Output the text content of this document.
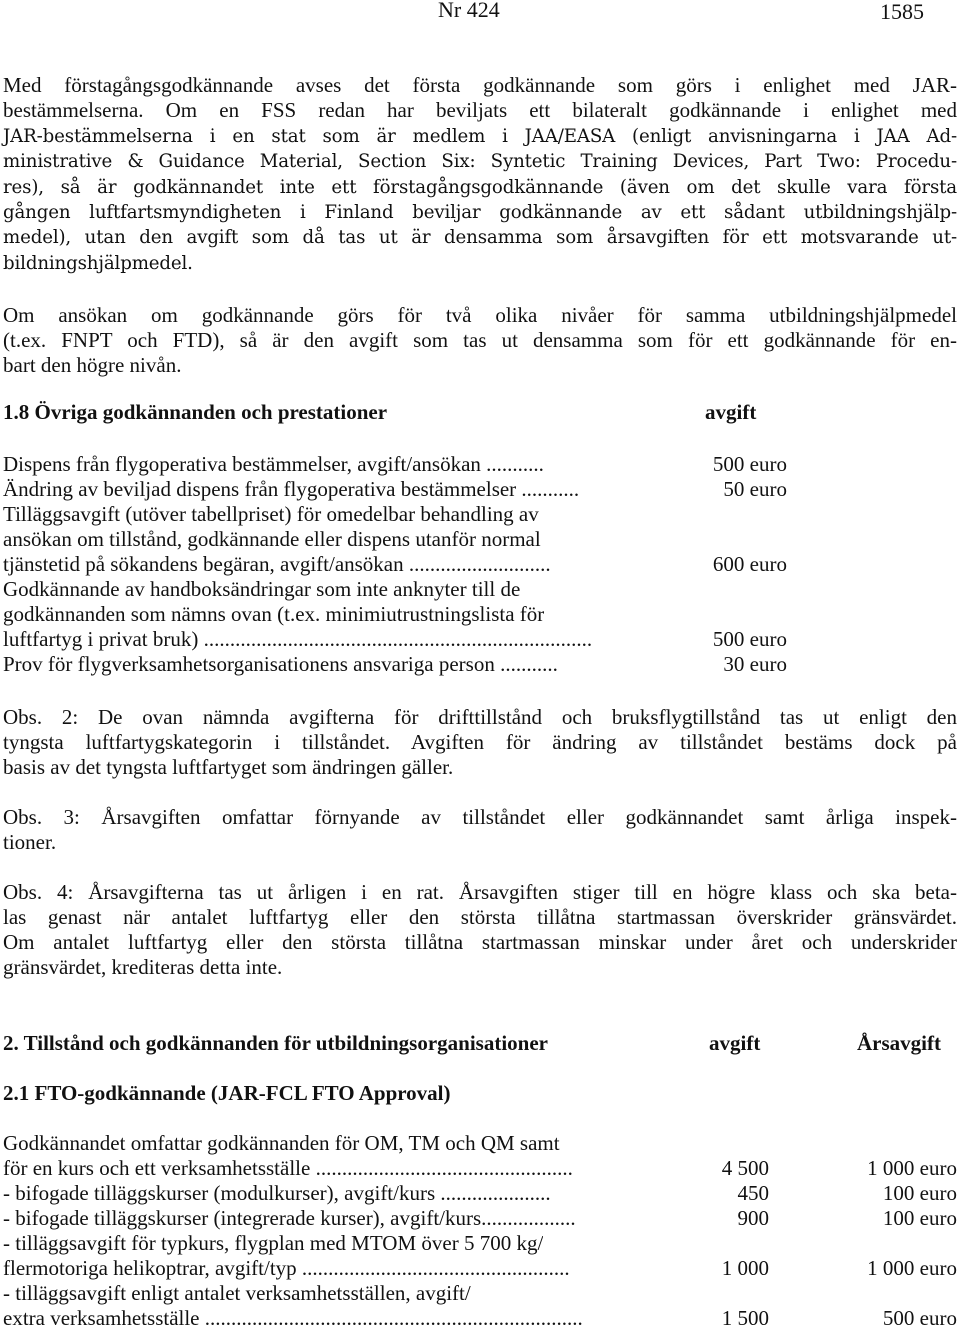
Nr 424	1585
Med förstagångsgodkännande avses det första godkännande som görs i enlighet med JAR-
bestämmelserna. Om en FSS redan har beviljats ett bilateralt godkännande i enlighet med
JAR-bestämmelserna i en stat som är medlem i JAA/EASA (enligt anvisningarna i JAA Ad-
ministrative & Guidance Material, Section Six: Syntetic Training Devices, Part Two: Procedu-
res), så är godkännandet inte ett förstagångsgodkännande (även om det skulle vara första
gången luftfartsmyndigheten i Finland beviljar godkännande av ett sådant utbildningshjälp-
medel), utan den avgift som då tas ut är densamma som årsavgiften för ett motsvarande ut-
bildningshjälpmedel.
Om ansökan om godkännande görs för två olika nivåer för samma utbildningshjälpmedel
(t.ex. FNPT och FTD), så är den avgift som tas ut densamma som för ett godkännande för en-
bart den högre nivån.
1.8 Övriga godkännanden och prestationer	avgift
Dispens från flygoperativa bestämmelser, avgift/ansökan ...........	500 euro
Ändring av beviljad dispens från flygoperativa bestämmelser ...........	50 euro
Tilläggsavgift (utöver tabellpriset) för omedelbar behandling av
ansökan om tillstånd, godkännande eller dispens utanför normal
tjänstetid på sökandens begäran, avgift/ansökan ...........................	600 euro
Godkännande av handboksändringar som inte anknyter till de
godkännanden som nämns ovan (t.ex. minimiutrustningslista för
luftfartyg i privat bruk) ..........................................................................	500 euro
Prov för flygverksamhetsorganisationens ansvariga person ...........	30 euro
Obs. 2: De ovan nämnda avgifterna för drifttillstånd och bruksflygtillstånd tas ut enligt den
tyngsta luftfartygskategorin i tillståndet. Avgiften för ändring av tillståndet bestäms dock på
basis av det tyngsta luftfartyget som ändringen gäller.
Obs. 3: Årsavgiften omfattar förnyande av tillståndet eller godkännandet samt årliga inspek-
tioner.
Obs. 4: Årsavgifterna tas ut årligen i en rat. Årsavgiften stiger till en högre klass och ska beta-
las genast när antalet luftfartyg eller den största tillåtna startmassan överskrider gränsvärdet.
Om antalet luftfartyg eller den största tillåtna startmassan minskar under året och underskrider
gränsvärdet, krediteras detta inte.
2. Tillstånd och godkännanden för utbildningsorganisationer	avgift	Årsavgift
2.1 FTO-godkännande (JAR-FCL FTO Approval)
Godkännandet omfattar godkännanden för OM, TM och QM samt
för en kurs och ett verksamhetsställe .................................................	4 500	1 000 euro
- bifogade tilläggskurser (modulkurser), avgift/kurs .....................	450	100 euro
- bifogade tilläggskurser (integrerade kurser), avgift/kurs..................	900	100 euro
- tilläggsavgift för typkurs, flygplan med MTOM över 5 700 kg/
flermotoriga helikoptrar, avgift/typ ...................................................	1 000	1 000 euro
- tilläggsavgift enligt antalet verksamhetsställen, avgift/
extra verksamhetsställe ........................................................................	1 500	500 euro
